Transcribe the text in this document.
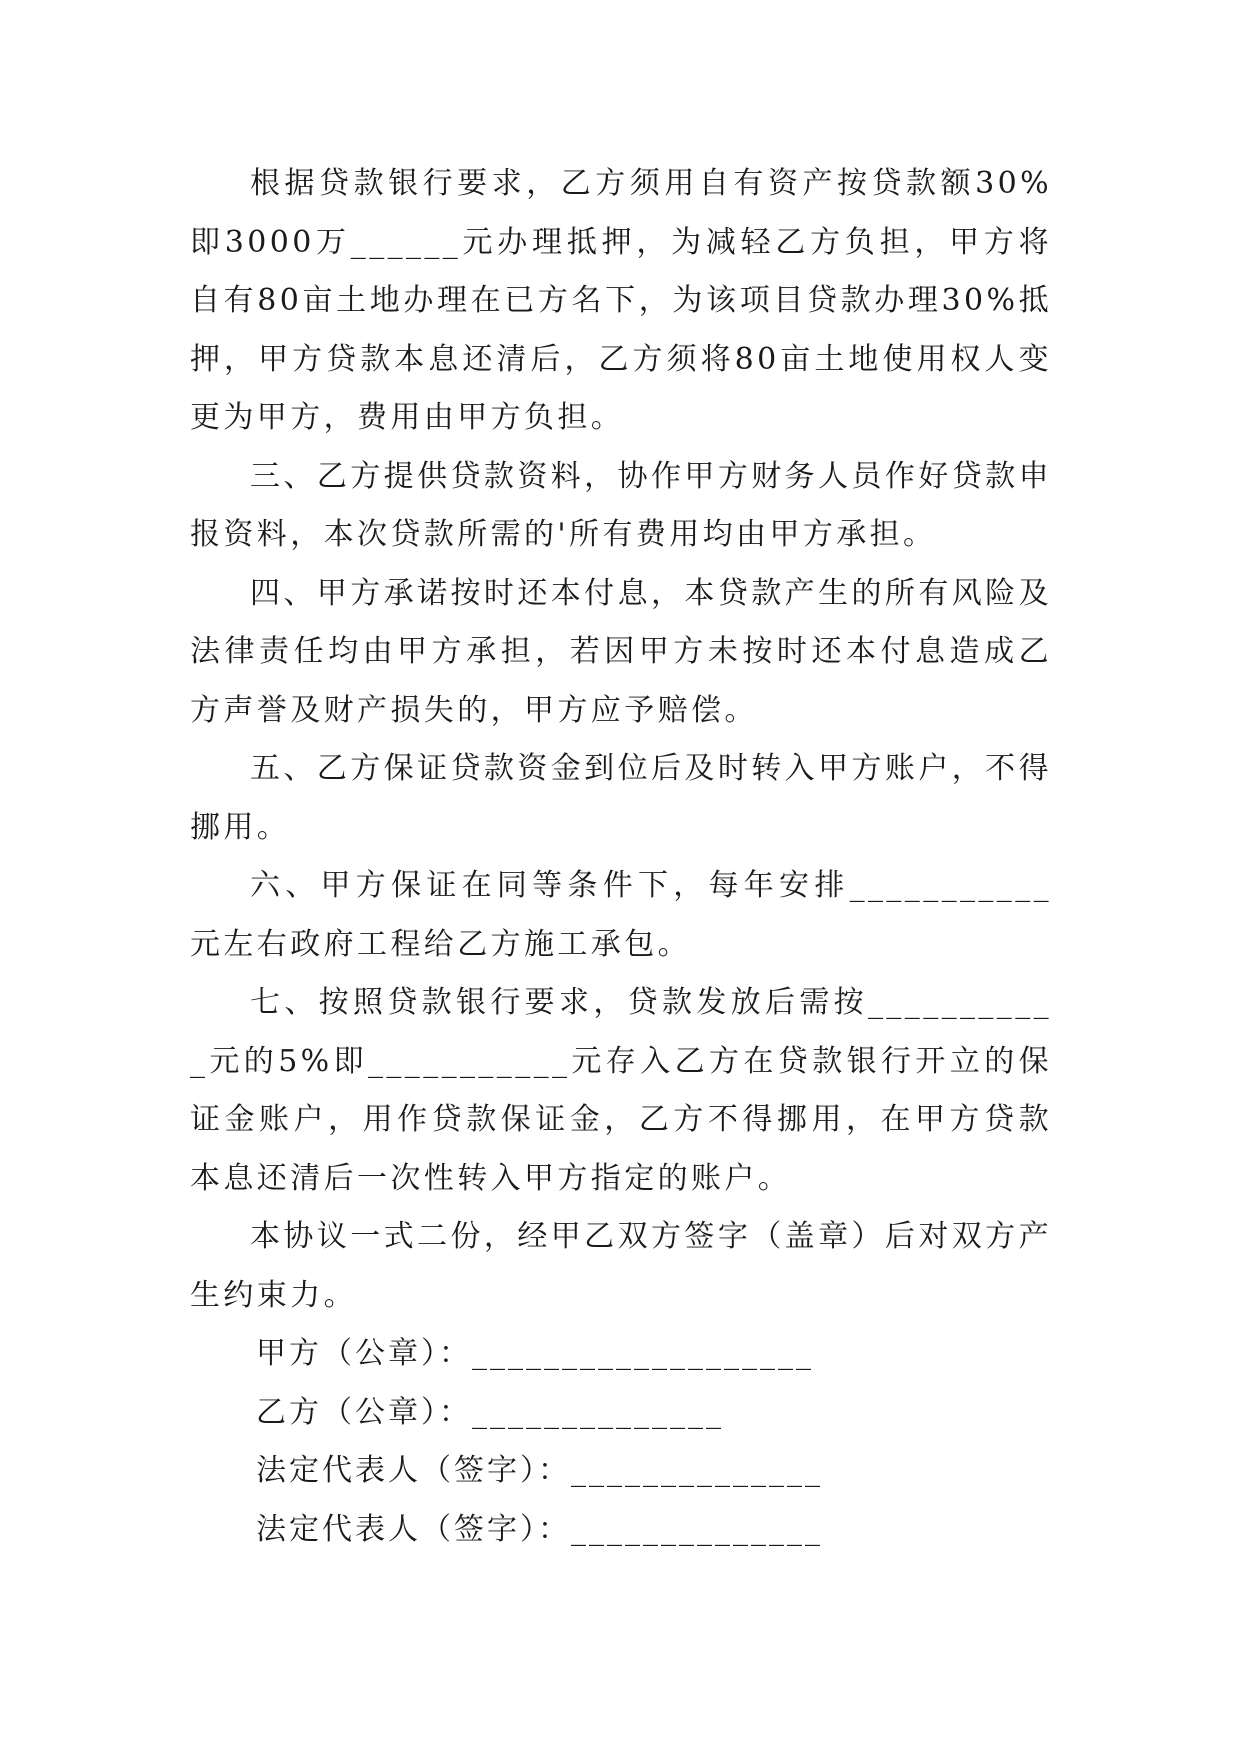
根据贷款银行要求，乙方须用自有资产按贷款额30%即3000万______元办理抵押，为减轻乙方负担，甲方将自有80亩土地办理在已方名下，为该项目贷款办理30%抵押，甲方贷款本息还清后，乙方须将80亩土地使用权人变更为甲方，费用由甲方负担。

三、乙方提供贷款资料，协作甲方财务人员作好贷款申报资料，本次贷款所需的'所有费用均由甲方承担。

四、甲方承诺按时还本付息，本贷款产生的所有风险及法律责任均由甲方承担，若因甲方未按时还本付息造成乙方声誉及财产损失的，甲方应予赔偿。

五、乙方保证贷款资金到位后及时转入甲方账户，不得挪用。

六、甲方保证在同等条件下，每年安排___________元左右政府工程给乙方施工承包。

七、按照贷款银行要求，贷款发放后需按___________元的5%即___________元存入乙方在贷款银行开立的保证金账户，用作贷款保证金，乙方不得挪用，在甲方贷款本息还清后一次性转入甲方指定的账户。

本协议一式二份，经甲乙双方签字（盖章）后对双方产生约束力。

甲方（公章）：___________________

乙方（公章）：______________

法定代表人（签字）：______________

法定代表人（签字）：______________
